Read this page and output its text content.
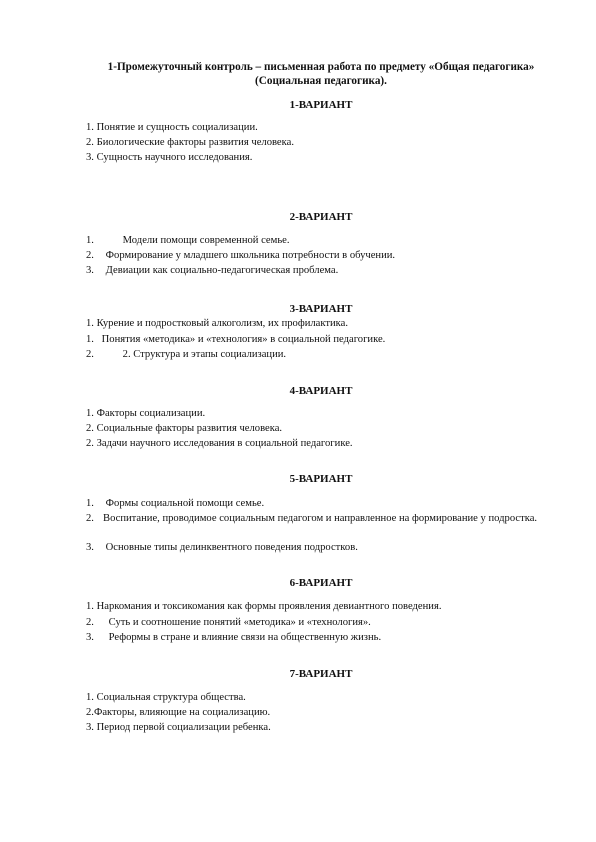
1-Промежуточный контроль – письменная работа по предмету «Общая педагогика»
(Социальная педагогика).
1-ВАРИАНТ
1. Понятие и сущность социализации.
2. Биологические факторы развития человека.
3. Сущность научного исследования.
2-ВАРИАНТ
1.	Модели помощи современной семье.
2. Формирование у младшего школьника потребности в обучении.
3. Девиации как социально-педагогическая проблема.
3-ВАРИАНТ
1. Курение и подростковый алкоголизм, их профилактика.
1. Понятия «методика» и «технология» в социальной педагогике.
2.	2. Структура и этапы социализации.
4-ВАРИАНТ
1. Факторы социализации.
2. Социальные факторы развития человека.
2. Задачи научного исследования в социальной педагогике.
5-ВАРИАНТ
1. Формы социальной помощи семье.
2. Воспитание, проводимое социальным педагогом и направленное на формирование у подростка.
3. Основные типы делинквентного поведения подростков.
6-ВАРИАНТ
1. Наркомания и токсикомания как формы проявления девиантного поведения.
2. Суть и соотношение понятий «методика» и «технология».
3. Реформы в стране и влияние связи на общественную жизнь.
7-ВАРИАНТ
1. Социальная структура общества.
2.Факторы, влияющие на социализацию.
3. Период первой социализации ребенка.
